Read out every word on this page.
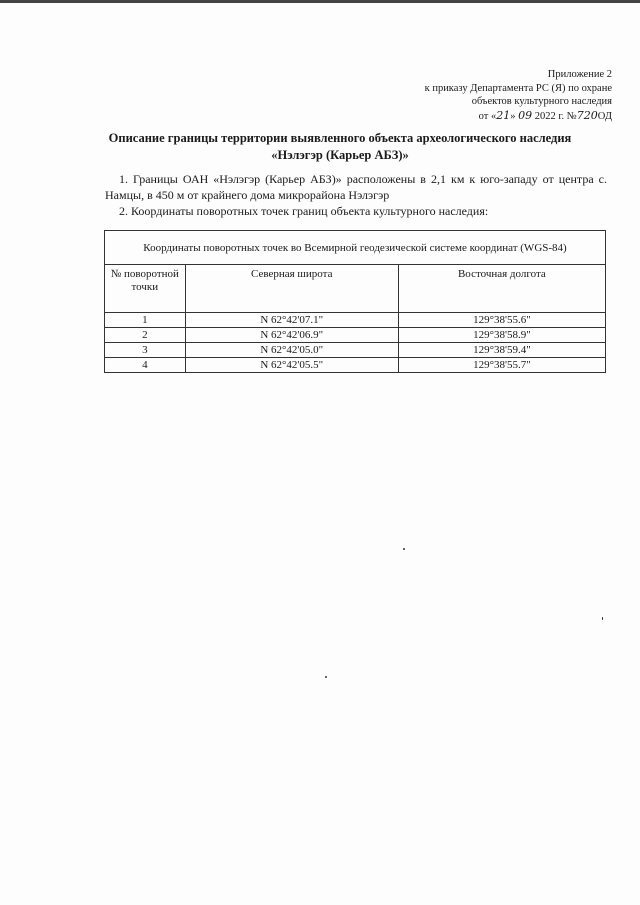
Приложение 2
к приказу Департамента РС (Я) по охране
объектов культурного наследия
от «21» 09 2022 г. №720ОД
Описание границы территории выявленного объекта археологического наследия
«Нэлэгэр (Карьер АБЗ)»
1. Границы ОАН «Нэлэгэр (Карьер АБЗ)» расположены в 2,1 км к юго-западу от центра с. Намцы, в 450 м от крайнего дома микрорайона Нэлэгэр
2. Координаты поворотных точек границ объекта культурного наследия:
Координаты поворотных точек во Всемирной геодезической системе координат (WGS-84)		
№ поворотной точки	Северная широта	Восточная долгота
1	N 62°42'07.1"	129°38'55.6"
2	N 62°42'06.9"	129°38'58.9"
3	N 62°42'05.0"	129°38'59.4"
4	N 62°42'05.5"	129°38'55.7"
